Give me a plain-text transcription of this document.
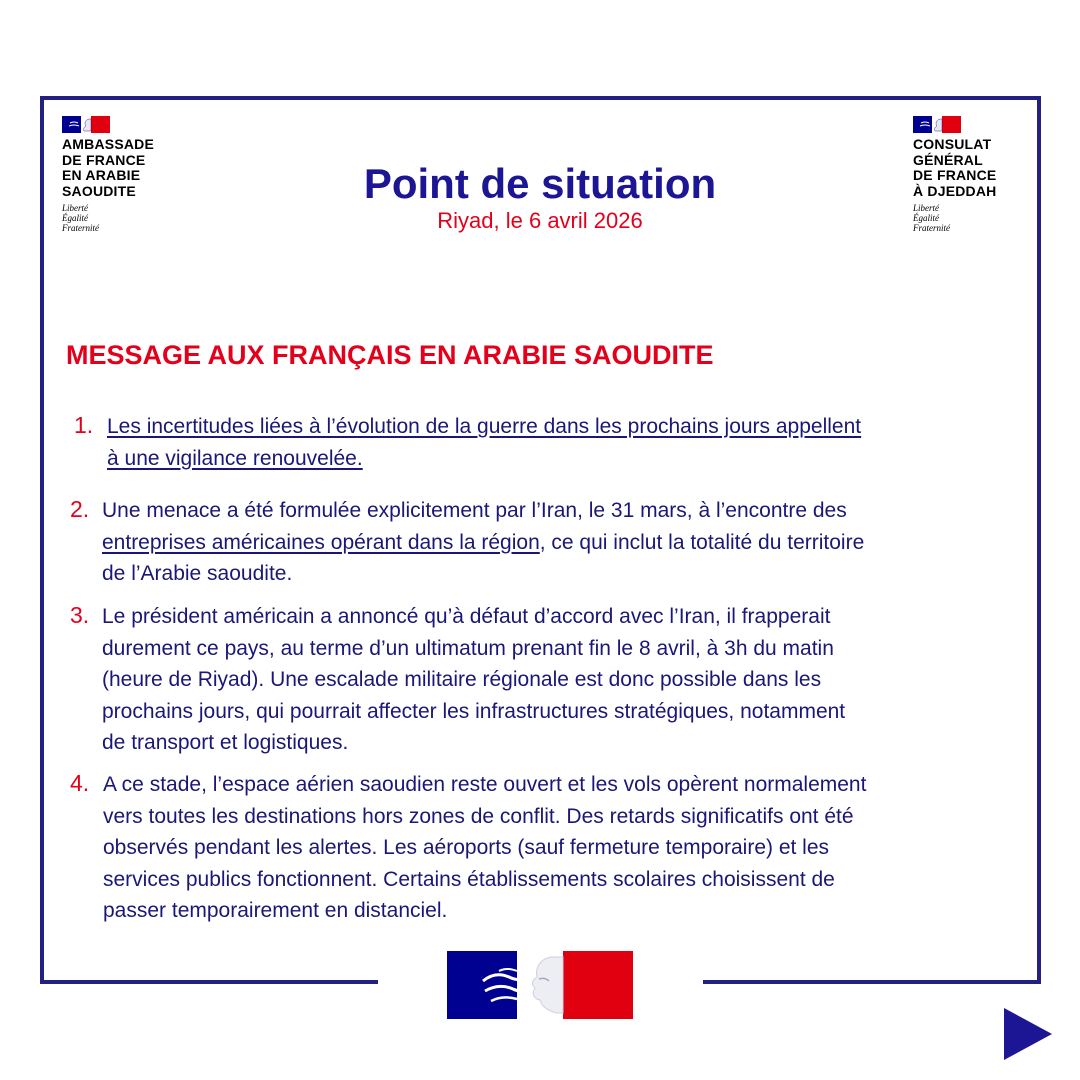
AMBASSADE
DE FRANCE
EN ARABIE
SAOUDITE
Liberté
Égalité
Fraternité
CONSULAT
GÉNÉRAL
DE FRANCE
À DJEDDAH
Liberté
Égalité
Fraternité
Point de situation
Riyad, le 6 avril 2026
MESSAGE AUX FRANÇAIS EN ARABIE SAOUDITE
1. Les incertitudes liées à l’évolution de la guerre dans les prochains jours appellent
à une vigilance renouvelée.
2. Une menace a été formulée explicitement par l’Iran, le 31 mars, à l’encontre des
entreprises américaines opérant dans la région, ce qui inclut la totalité du territoire
de l’Arabie saoudite.
3. Le président américain a annoncé qu’à défaut d’accord avec l’Iran, il frapperait
durement ce pays, au terme d’un ultimatum prenant fin le 8 avril, à 3h du matin
(heure de Riyad). Une escalade militaire régionale est donc possible dans les
prochains jours, qui pourrait affecter les infrastructures stratégiques, notamment
de transport et logistiques.
4. A ce stade, l’espace aérien saoudien reste ouvert et les vols opèrent normalement
vers toutes les destinations hors zones de conflit. Des retards significatifs ont été
observés pendant les alertes. Les aéroports (sauf fermeture temporaire) et les
services publics fonctionnent. Certains établissements scolaires choisissent de
passer temporairement en distanciel.
